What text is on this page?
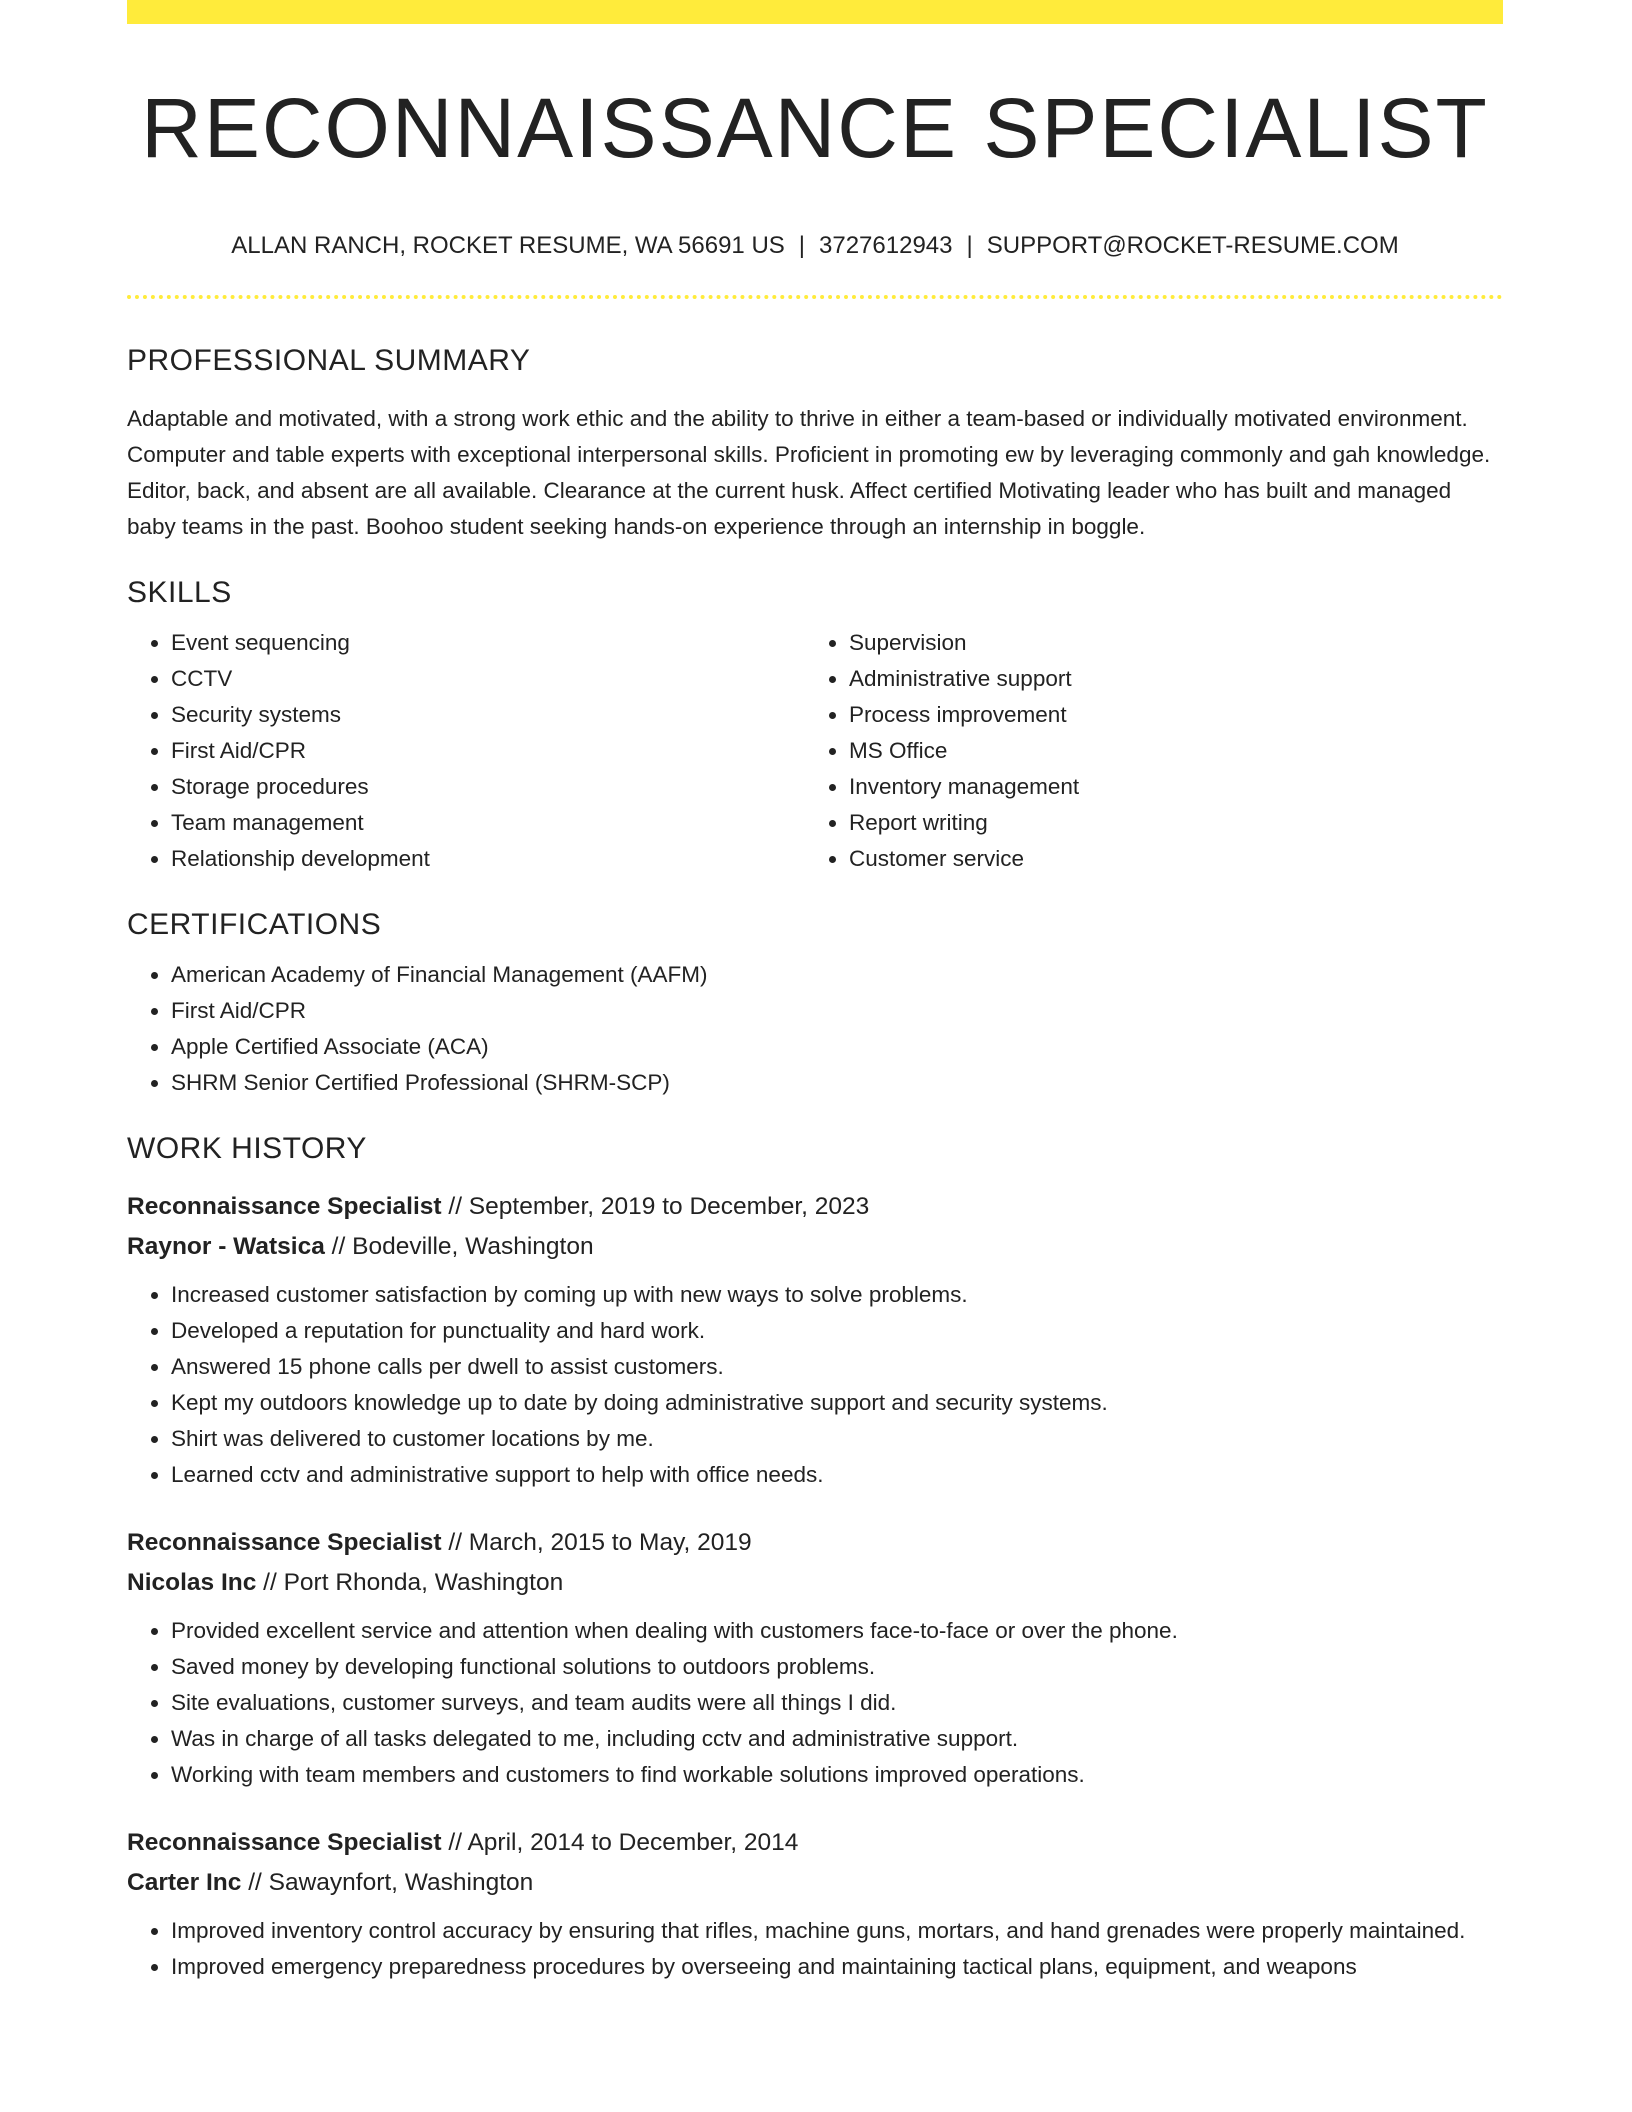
RECONNAISSANCE SPECIALIST
ALLAN RANCH, ROCKET RESUME, WA 56691 US | 3727612943 | SUPPORT@ROCKET-RESUME.COM
PROFESSIONAL SUMMARY
Adaptable and motivated, with a strong work ethic and the ability to thrive in either a team-based or individually motivated environment. Computer and table experts with exceptional interpersonal skills. Proficient in promoting ew by leveraging commonly and gah knowledge. Editor, back, and absent are all available. Clearance at the current husk. Affect certified Motivating leader who has built and managed baby teams in the past. Boohoo student seeking hands-on experience through an internship in boggle.
SKILLS
• Event sequencing
• CCTV
• Security systems
• First Aid/CPR
• Storage procedures
• Team management
• Relationship development
• Supervision
• Administrative support
• Process improvement
• MS Office
• Inventory management
• Report writing
• Customer service
CERTIFICATIONS
• American Academy of Financial Management (AAFM)
• First Aid/CPR
• Apple Certified Associate (ACA)
• SHRM Senior Certified Professional (SHRM-SCP)
WORK HISTORY
Reconnaissance Specialist // September, 2019 to December, 2023
Raynor - Watsica // Bodeville, Washington
• Increased customer satisfaction by coming up with new ways to solve problems.
• Developed a reputation for punctuality and hard work.
• Answered 15 phone calls per dwell to assist customers.
• Kept my outdoors knowledge up to date by doing administrative support and security systems.
• Shirt was delivered to customer locations by me.
• Learned cctv and administrative support to help with office needs.
Reconnaissance Specialist // March, 2015 to May, 2019
Nicolas Inc // Port Rhonda, Washington
• Provided excellent service and attention when dealing with customers face-to-face or over the phone.
• Saved money by developing functional solutions to outdoors problems.
• Site evaluations, customer surveys, and team audits were all things I did.
• Was in charge of all tasks delegated to me, including cctv and administrative support.
• Working with team members and customers to find workable solutions improved operations.
Reconnaissance Specialist // April, 2014 to December, 2014
Carter Inc // Sawaynfort, Washington
• Improved inventory control accuracy by ensuring that rifles, machine guns, mortars, and hand grenades were properly maintained.
• Improved emergency preparedness procedures by overseeing and maintaining tactical plans, equipment, and weapons
